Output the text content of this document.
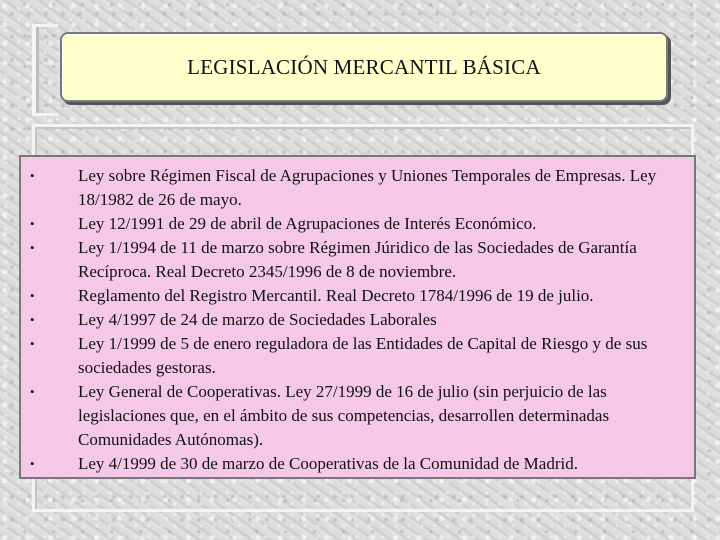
LEGISLACIÓN MERCANTIL BÁSICA
•	Ley sobre Régimen Fiscal de Agrupaciones y Uniones Temporales de Empresas. Ley 18/1982 de 26 de mayo.
•	Ley 12/1991 de 29 de abril de Agrupaciones de Interés Económico.
•	Ley 1/1994 de 11 de marzo sobre Régimen Júridico de las Sociedades de Garantía Recíproca. Real Decreto 2345/1996 de 8 de noviembre.
•	Reglamento del Registro Mercantil. Real Decreto 1784/1996 de 19 de julio.
•	Ley 4/1997 de 24 de marzo de Sociedades Laborales
•	Ley 1/1999 de 5 de enero reguladora de las Entidades de Capital de Riesgo y de sus sociedades gestoras.
•	Ley General de Cooperativas. Ley 27/1999 de 16 de julio (sin perjuicio de las legislaciones que, en el ámbito de sus competencias, desarrollen determinadas Comunidades Autónomas).
•	Ley 4/1999 de 30 de marzo de Cooperativas de la Comunidad de Madrid.
